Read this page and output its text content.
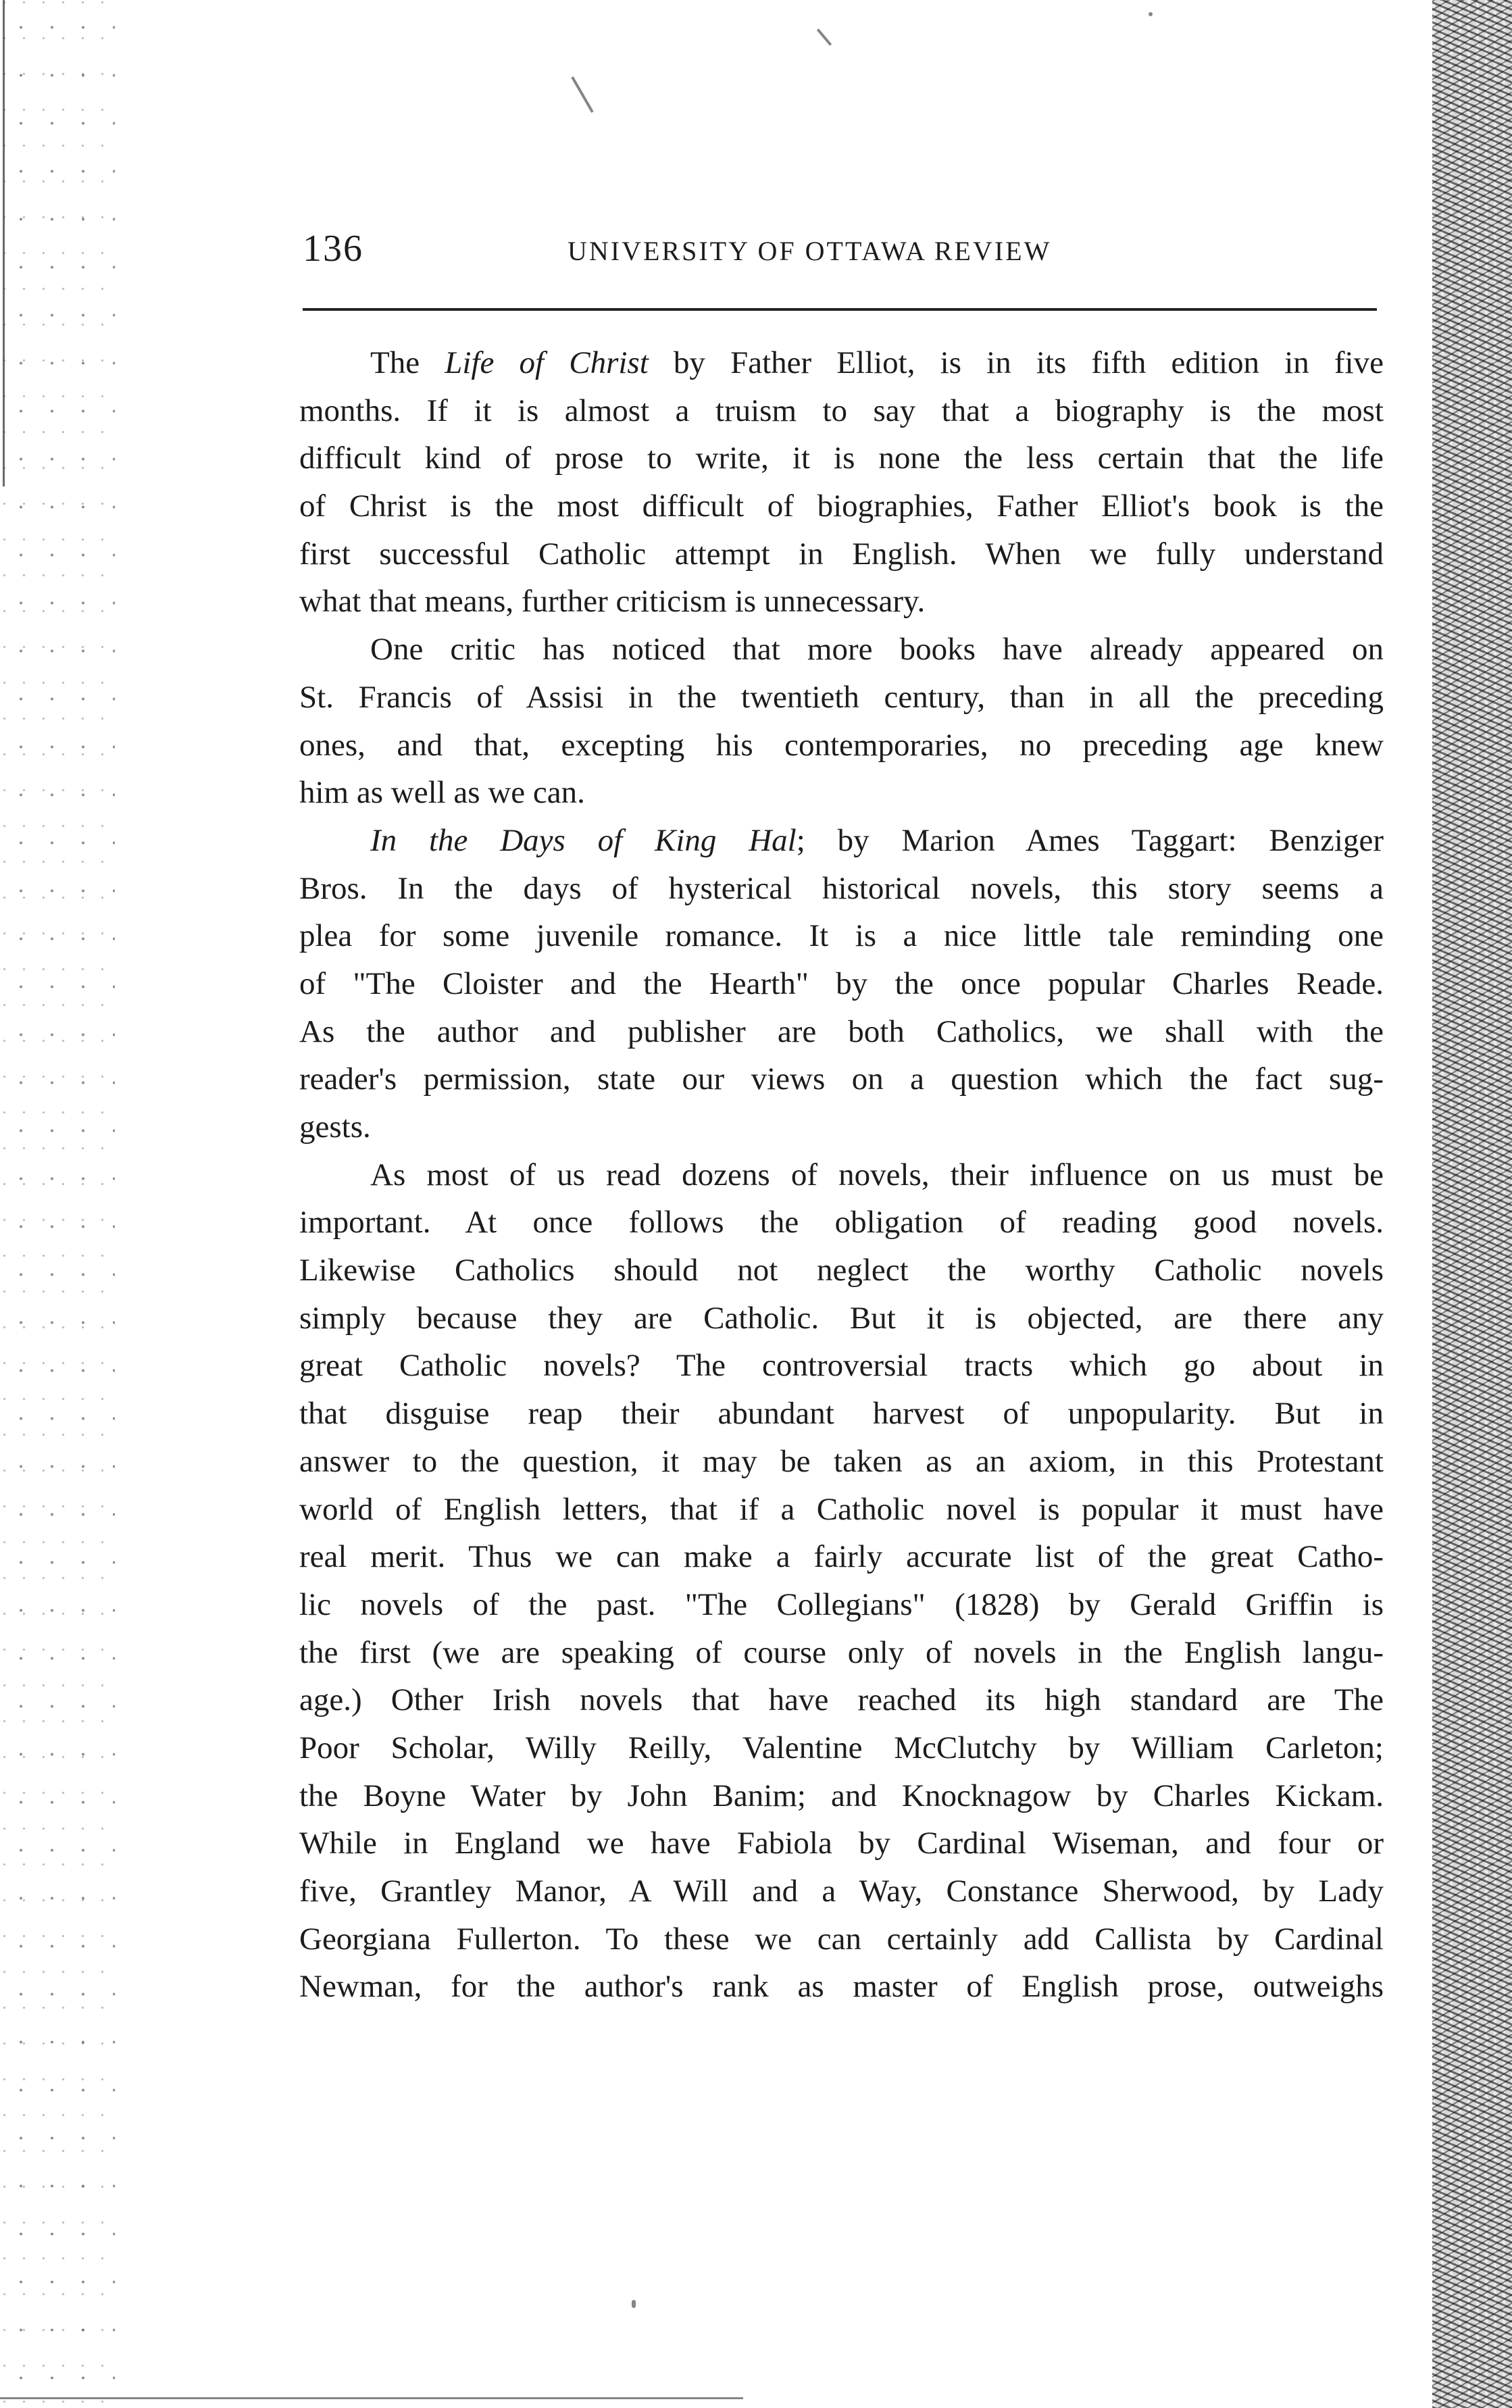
136	UNIVERSITY OF OTTAWA REVIEW
The Life of Christ by Father Elliot, is in its fifth edition in five
months. If it is almost a truism to say that a biography is the most
difficult kind of prose to write, it is none the less certain that the life
of Christ is the most difficult of biographies, Father Elliot's book is the
first successful Catholic attempt in English. When we fully understand
what that means, further criticism is unnecessary.
One critic has noticed that more books have already appeared on
St. Francis of Assisi in the twentieth century, than in all the preceding
ones, and that, excepting his contemporaries, no preceding age knew
him as well as we can.
In the Days of King Hal; by Marion Ames Taggart: Benziger
Bros. In the days of hysterical historical novels, this story seems a
plea for some juvenile romance. It is a nice little tale reminding one
of "The Cloister and the Hearth" by the once popular Charles Reade.
As the author and publisher are both Catholics, we shall with the
reader's permission, state our views on a question which the fact sug-
gests.
As most of us read dozens of novels, their influence on us must be
important. At once follows the obligation of reading good novels.
Likewise Catholics should not neglect the worthy Catholic novels
simply because they are Catholic. But it is objected, are there any
great Catholic novels? The controversial tracts which go about in
that disguise reap their abundant harvest of unpopularity. But in
answer to the question, it may be taken as an axiom, in this Protestant
world of English letters, that if a Catholic novel is popular it must have
real merit. Thus we can make a fairly accurate list of the great Catho-
lic novels of the past. "The Collegians" (1828) by Gerald Griffin is
the first (we are speaking of course only of novels in the English langu-
age.) Other Irish novels that have reached its high standard are The
Poor Scholar, Willy Reilly, Valentine McClutchy by William Carleton;
the Boyne Water by John Banim; and Knocknagow by Charles Kickam.
While in England we have Fabiola by Cardinal Wiseman, and four or
five, Grantley Manor, A Will and a Way, Constance Sherwood, by Lady
Georgiana Fullerton. To these we can certainly add Callista by Cardinal
Newman, for the author's rank as master of English prose, outweighs
